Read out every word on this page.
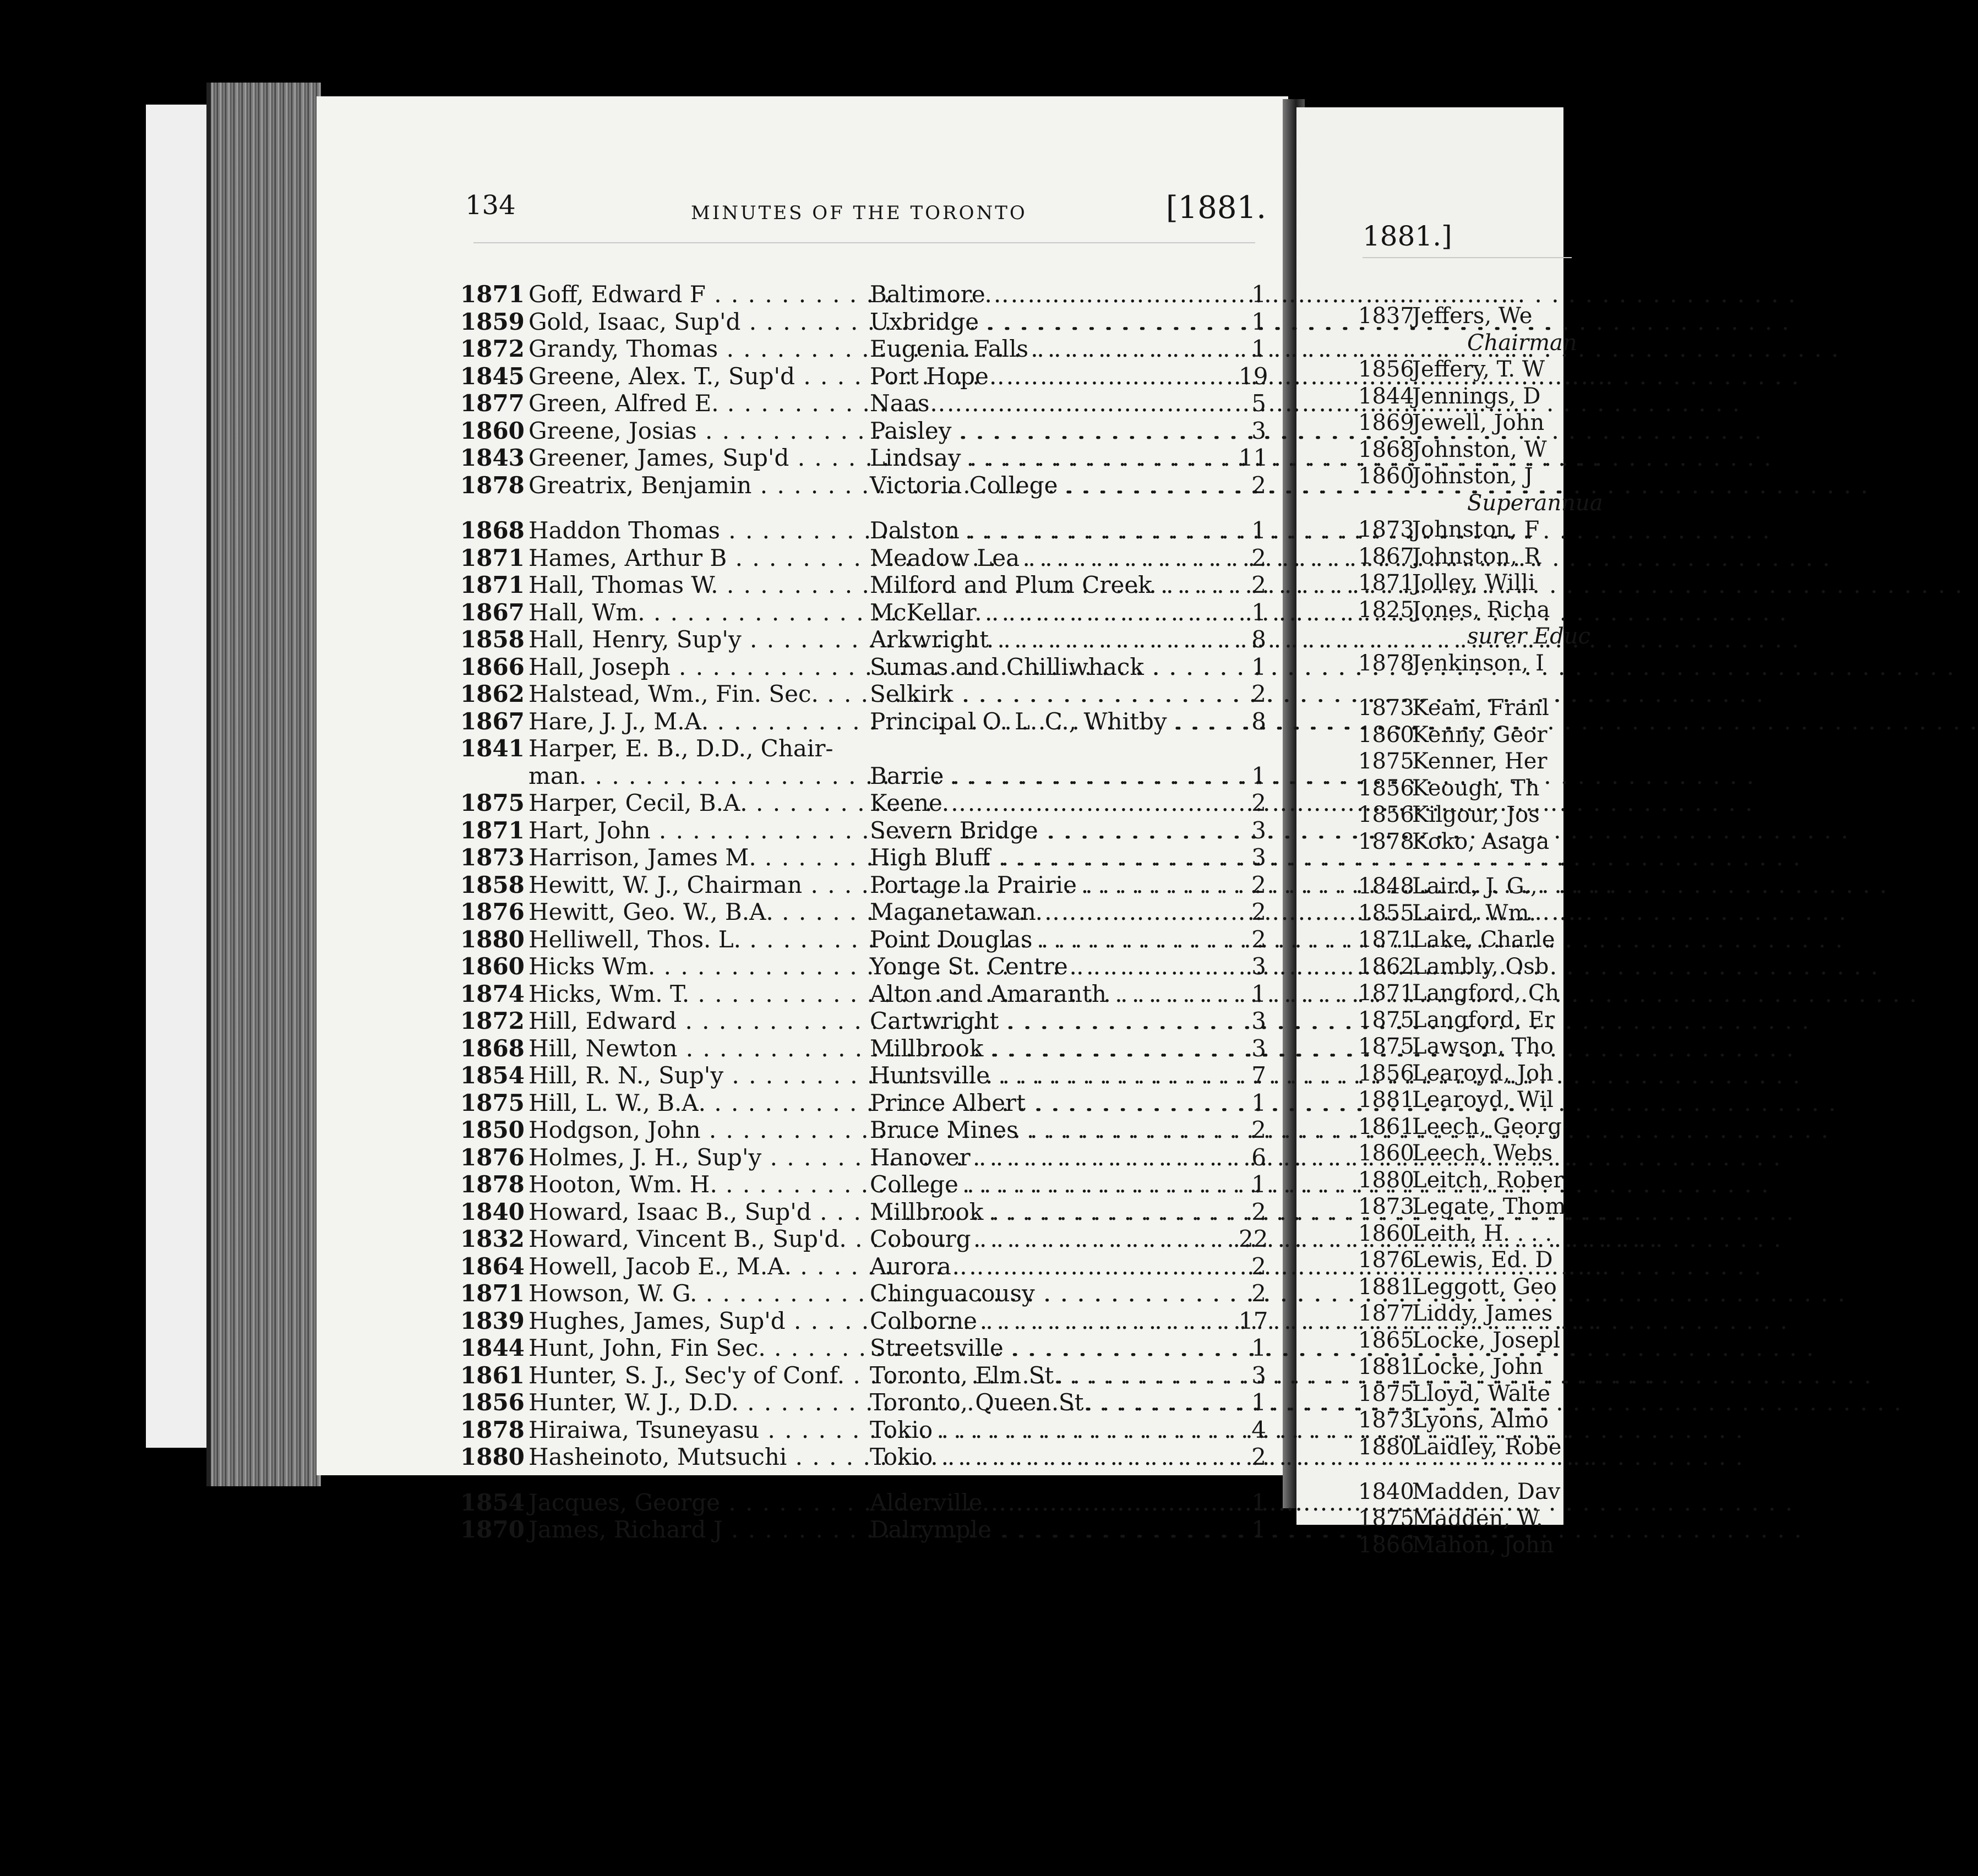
1881.]
1837Jeffers, We
Chairman
1856Jeffery, T. W
1844Jennings, D
1869Jewell, John
1868Johnston, W
1860Johnston, J
Superannua
1873Johnston, F
1867Johnston, R
1871Jolley, Willi
1825Jones, Richa
surer Educ
1878Jenkinson, I
1873Keam, Franl
1860Kenny, Geor
1875Kenner, Her
1856Keough, Th
1856Kilgour, Jos
1878Koko, Asaga
1848Laird, J. G.,
1855Laird, Wm.
1871Lake, Charle
1862Lambly, Osb
1871Langford, Ch
1875Langford, Er
1875Lawson, Tho
1856Learoyd, Joh
1881Learoyd, Wil
1861Leech, Georg
1860Leech, Webs
1880Leitch, Rober
1873Legate, Thom
1860Leith, H. . . .
1876Lewis, Ed. D
1881Leggott, Geo
1877Liddy, James
1865Locke, Josepl
1881Locke, John
1875Lloyd, Walte
1873Lyons, Almo
1880Laidley, Robe
1840Madden, Dav
1875Madden, W.
1866Mahon, John
134	MINUTES OF THE TORONTO	[1881.
1871 Goff, Edward F . . .	Baltimore . . .	1
1859 Gold, Isaac, Sup'd . . .	Uxbridge . . .	1
1872 Grandy, Thomas . . .	Eugenia Falls . . .	1
1845 Greene, Alex. T., Sup'd . . .	Port Hope . . .	19
1877 Green, Alfred E. . . .	Naas . . .	5
1860 Greene, Josias . . .	Paisley . . .	3
1843 Greener, James, Sup'd . . .	Lindsay . . .	11
1878 Greatrix, Benjamin . . .	Victoria College . . .	2
1868 Haddon Thomas . . .	Dalston . . .	1
1871 Hames, Arthur B . . .	Meadow Lea . . .	2
1871 Hall, Thomas W. . . .	Milford and Plum Creek . . .	2
1867 Hall, Wm. . . .	McKellar . . .	1
1858 Hall, Henry, Sup'y . . .	Arkwright . . .	8
1866 Hall, Joseph . . .	Sumas and Chilliwhack . . .	1
1862 Halstead, Wm., Fin. Sec. . . .	Selkirk . . .	2
1867 Hare, J. J., M.A. . . .	Principal O. L. C., Whitby . . .	8
1841 Harper, E. B., D.D., Chair-
man. . . .	Barrie . . .	1
1875 Harper, Cecil, B.A. . . .	Keene . . .	2
1871 Hart, John . . .	Severn Bridge . . .	3
1873 Harrison, James M. . . .	High Bluff . . .	3
1858 Hewitt, W. J., Chairman . . .	Portage la Prairie . . .	2
1876 Hewitt, Geo. W., B.A. . . .	Maganetawan . . .	2
1880 Helliwell, Thos. L. . . .	Point Douglas . . .	2
1860 Hicks Wm. . . .	Yonge St. Centre . . .	3
1874 Hicks, Wm. T. . . .	Alton and Amaranth . . .	1
1872 Hill, Edward . . .	Cartwright . . .	3
1868 Hill, Newton . . .	Millbrook . . .	3
1854 Hill, R. N., Sup'y . . .	Huntsville . . .	7
1875 Hill, L. W., B.A. . . .	Prince Albert . . .	1
1850 Hodgson, John . . .	Bruce Mines . . .	2
1876 Holmes, J. H., Sup'y . . .	Hanover . . .	6
1878 Hooton, Wm. H. . . .	College . . .	1
1840 Howard, Isaac B., Sup'd . . .	Millbrook . . .	2
1832 Howard, Vincent B., Sup'd. . . .	Cobourg . . .	22
1864 Howell, Jacob E., M.A. . . .	Aurora . . .	2
1871 Howson, W. G. . . .	Chinguacousy . . .	2
1839 Hughes, James, Sup'd . . .	Colborne . . .	17
1844 Hunt, John, Fin Sec. . . .	Streetsville . . .	1
1861 Hunter, S. J., Sec'y of Conf. . . .	Toronto, Elm St. . . .	3
1856 Hunter, W. J., D.D. . . .	Toronto, Queen St. . . .	1
1878 Hiraiwa, Tsuneyasu . . .	Tokio . . .	4
1880 Hasheinoto, Mutsuchi . . .	Tokio . . .	2
1854 Jacques, George . . .	Alderville . . .	1
1870 James, Richard J . . .	Dalrymple . . .	1
